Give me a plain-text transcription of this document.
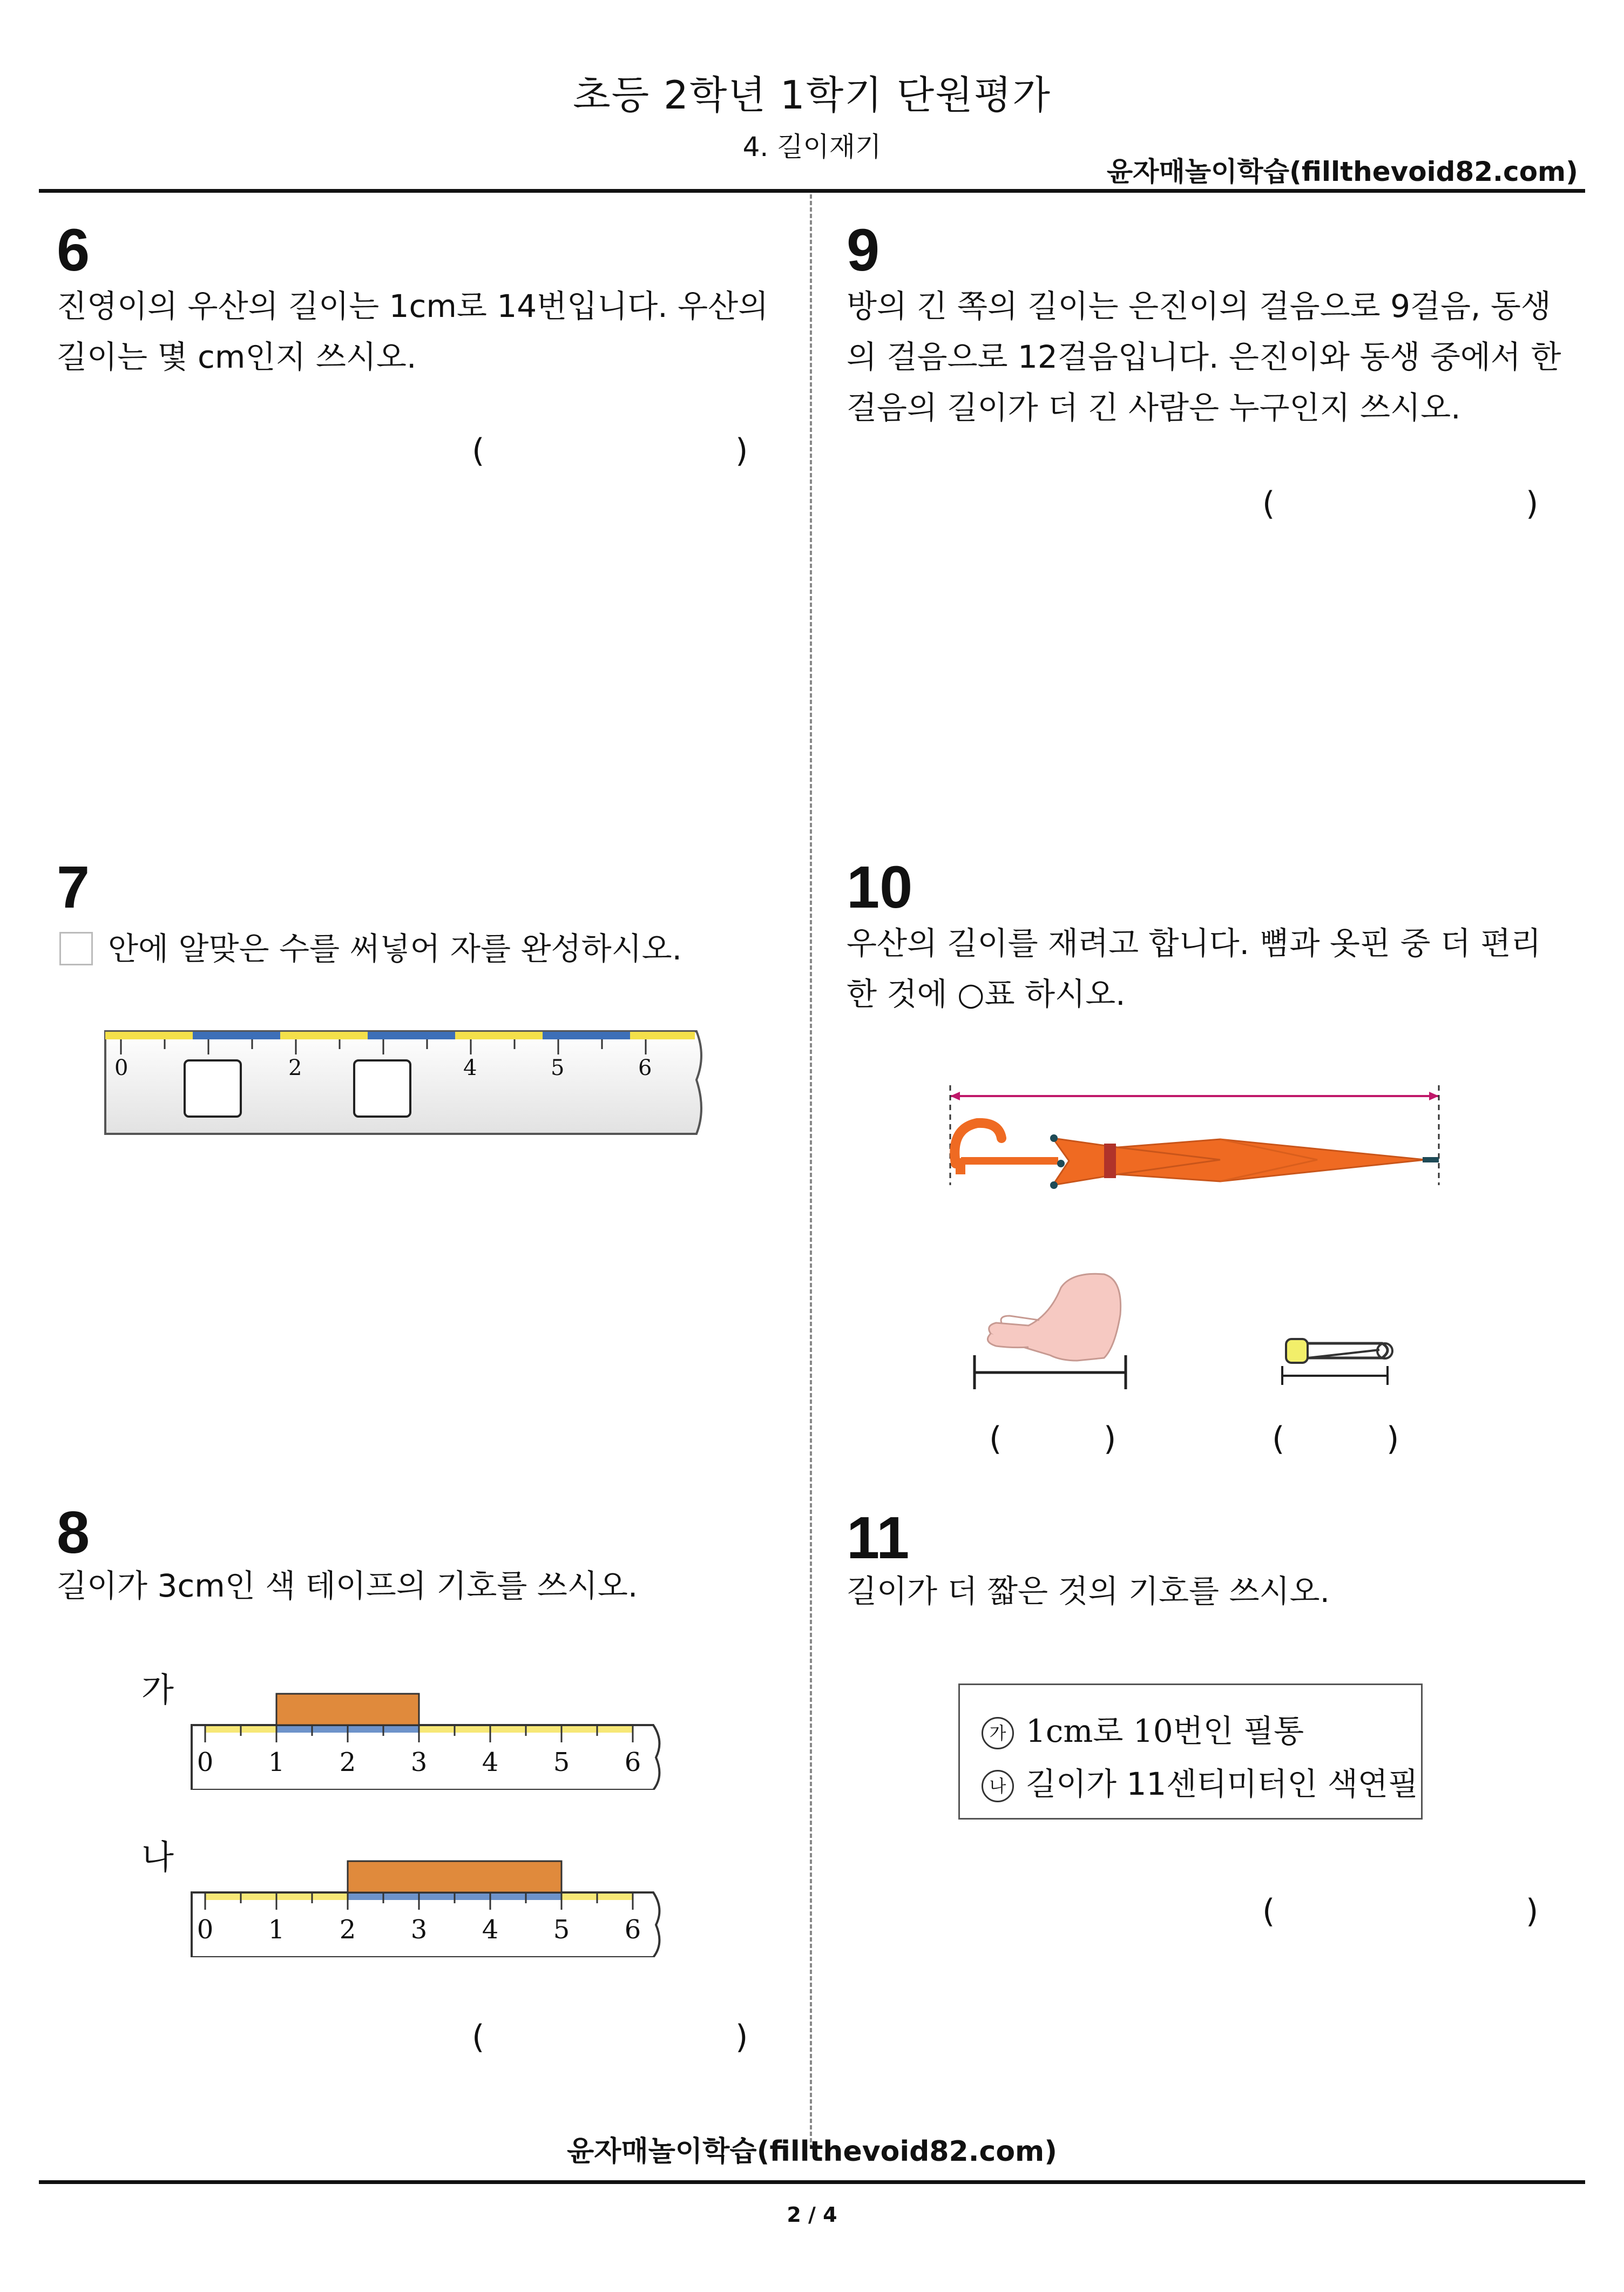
초등 2학년 1학기 단원평가
4. 길이재기
윤자매놀이학습(fillthevoid82.com)
6
진영이의 우산의 길이는 1cm로 14번입니다. 우산의
길이는 몇 cm인지 쓰시오.
(	)
9
방의 긴 쪽의 길이는 은진이의 걸음으로 9걸음, 동생
의 걸음으로 12걸음입니다. 은진이와 동생 중에서 한
걸음의 길이가 더 긴 사람은 누구인지 쓰시오.
(	)
7
안에 알맞은 수를 써넣어 자를 완성하시오.
0	2	4	5	6
10
우산의 길이를 재려고 합니다. 뼘과 옷핀 중 더 편리
한 것에 ○표 하시오.
(	)	(	)
8
길이가 3cm인 색 테이프의 기호를 쓰시오.
가
나
0 1 2 3 4 5 6
0 1 2 3 4 5 6
(	)
11
길이가 더 짧은 것의 기호를 쓰시오.
가 1cm로 10번인 필통
나 길이가 11센티미터인 색연필
(	)
윤자매놀이학습(fillthevoid82.com)
2 / 4
